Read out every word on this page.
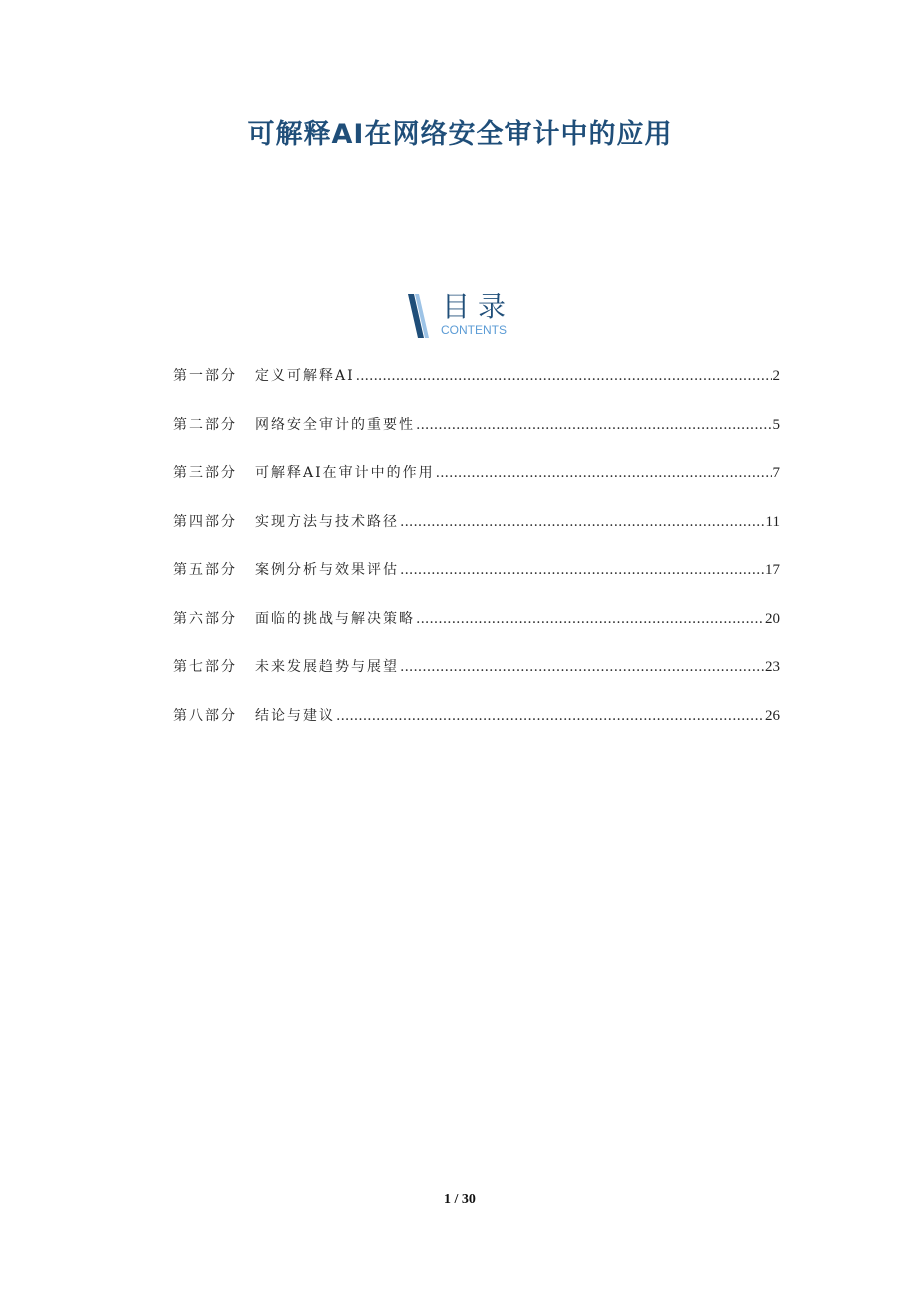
可解释AI在网络安全审计中的应用
目录
CONTENTS
第一部分	定义可解释AI .....	2
第二部分	网络安全审计的重要性 .....	5
第三部分	可解释AI在审计中的作用 .....	7
第四部分	实现方法与技术路径 .....	11
第五部分	案例分析与效果评估 .....	17
第六部分	面临的挑战与解决策略 .....	20
第七部分	未来发展趋势与展望 .....	23
第八部分	结论与建议 .....	26
1 / 30
